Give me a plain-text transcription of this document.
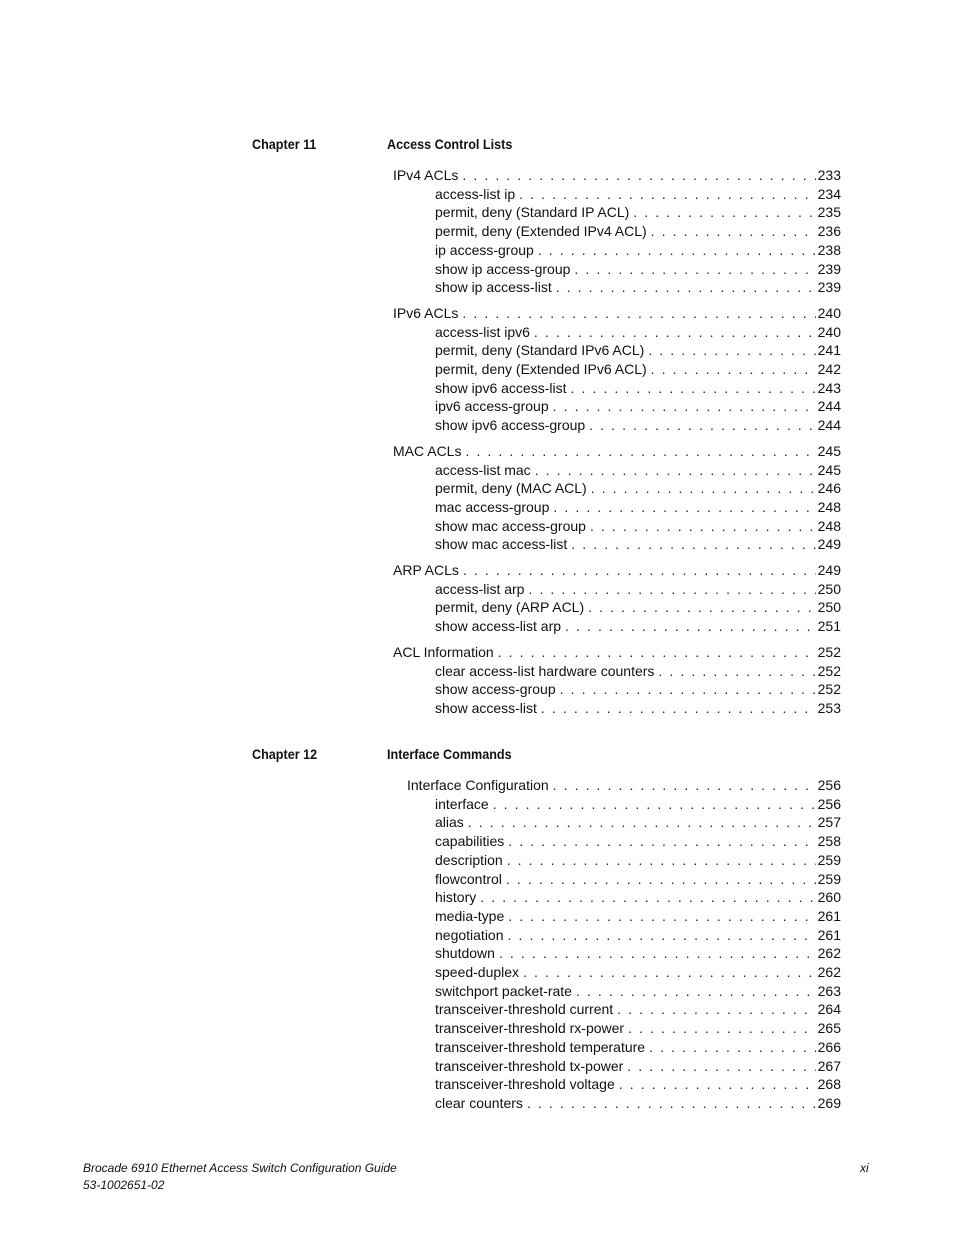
Chapter 11	Access Control Lists
IPv4 ACLs . . .	233
access-list ip . . .	234
permit, deny (Standard IP ACL) . . .	235
permit, deny (Extended IPv4 ACL) . . .	236
ip access-group . . .	238
show ip access-group . . .	239
show ip access-list . . .	239
IPv6 ACLs . . .	240
access-list ipv6 . . .	240
permit, deny (Standard IPv6 ACL) . . .	241
permit, deny (Extended IPv6 ACL) . . .	242
show ipv6 access-list . . .	243
ipv6 access-group . . .	244
show ipv6 access-group . . .	244
MAC ACLs . . .	245
access-list mac . . .	245
permit, deny (MAC ACL) . . .	246
mac access-group . . .	248
show mac access-group . . .	248
show mac access-list . . .	249
ARP ACLs . . .	249
access-list arp . . .	250
permit, deny (ARP ACL) . . .	250
show access-list arp . . .	251
ACL Information . . .	252
clear access-list hardware counters . . .	252
show access-group . . .	252
show access-list . . .	253
Chapter 12	Interface Commands
Interface Configuration . . .	256
interface . . .	256
alias . . .	257
capabilities . . .	258
description . . .	259
flowcontrol . . .	259
history . . .	260
media-type . . .	261
negotiation . . .	261
shutdown . . .	262
speed-duplex . . .	262
switchport packet-rate . . .	263
transceiver-threshold current . . .	264
transceiver-threshold rx-power . . .	265
transceiver-threshold temperature . . .	266
transceiver-threshold tx-power . . .	267
transceiver-threshold voltage . . .	268
clear counters . . .	269
Brocade 6910 Ethernet Access Switch Configuration Guide
53-1002651-02
xi
